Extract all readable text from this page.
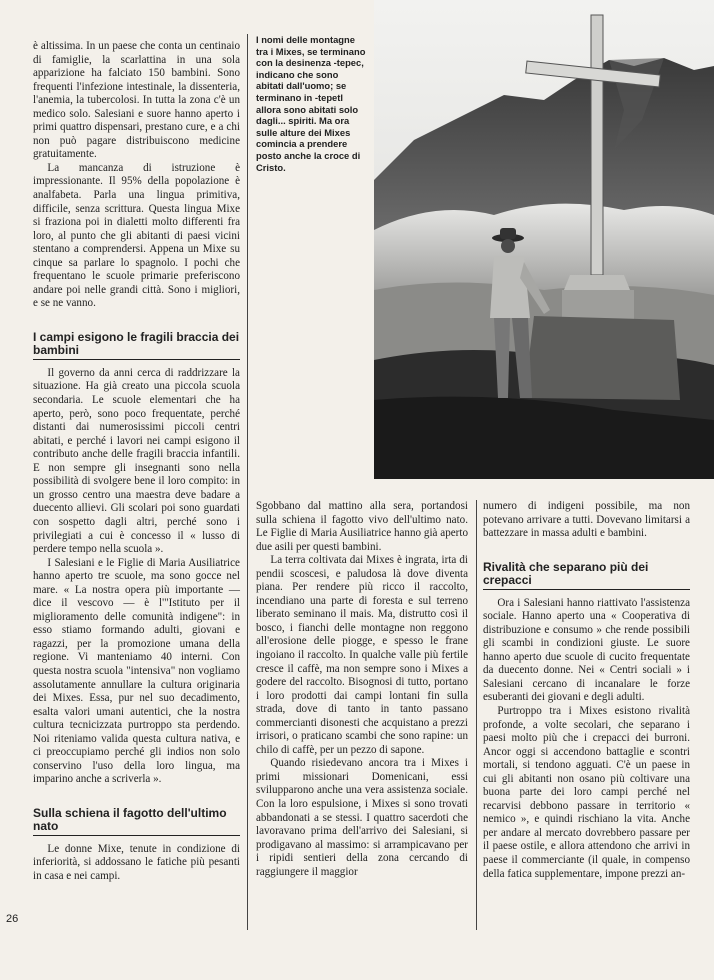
è altissima. In un paese che conta un centinaio di famiglie, la scarlattina in una sola apparizione ha falciato 150 bambini. Sono frequenti l'infezione intestinale, la dissenteria, l'anemia, la tubercolosi. In tutta la zona c'è un medico solo. Salesiani e suore hanno aperto i primi quattro dispensari, prestano cure, e a chi non può pagare distribuiscono medicine gratuitamente.

La mancanza di istruzione è impressionante. Il 95% della popolazione è analfabeta. Parla una lingua primitiva, difficile, senza scrittura. Questa lingua Mixe si fraziona poi in dialetti molto differenti fra loro, al punto che gli abitanti di paesi vicini stentano a comprendersi. Appena un Mixe su cinque sa parlare lo spagnolo. I pochi che frequentano le scuole primarie preferiscono andare poi nelle grandi città. Sono i migliori, e se ne vanno.

I campi esigono le fragili braccia dei bambini

Il governo da anni cerca di raddrizzare la situazione. Ha già creato una piccola scuola secondaria. Le scuole elementari che ha aperto, però, sono poco frequentate, perché distanti dai numerosissimi piccoli centri abitati, e perché i lavori nei campi esigono il contributo anche delle fragili braccia infantili. E non sempre gli insegnanti sono nella possibilità di svolgere bene il loro compito: in un grosso centro una maestra deve badare a duecento allievi. Gli scolari poi sono guardati con sospetto dagli altri, perché sono i privilegiati a cui è concesso il « lusso di perdere tempo nella scuola ».

I Salesiani e le Figlie di Maria Ausiliatrice hanno aperto tre scuole, ma sono gocce nel mare. « La nostra opera più importante — dice il vescovo — è l'"Istituto per il miglioramento delle comunità indigene": in esso stiamo formando adulti, giovani e ragazzi, per la promozione umana della regione. Vi manteniamo 40 interni. Con questa nostra scuola "intensiva" non vogliamo assolutamente annullare la cultura originaria dei Mixes. Essa, pur nel suo decadimento, esalta valori umani autentici, che la nostra cultura tecnicizzata purtroppo sta perdendo. Noi riteniamo valida questa cultura nativa, e ci preoccupiamo perché gli indios non solo conservino l'uso della loro lingua, ma imparino anche a scriverla ».

Sulla schiena il fagotto dell'ultimo nato

Le donne Mixe, tenute in condizione di inferiorità, si addossano le fatiche più pesanti in casa e nei campi.

I nomi delle montagne tra i Mixes, se terminano con la desinenza -tepec, indicano che sono abitati dall'uomo; se terminano in -tepetl allora sono abitati solo dagli... spiriti. Ma ora sulle alture dei Mixes comincia a prendere posto anche la croce di Cristo.

Sgobbano dal mattino alla sera, portandosi sulla schiena il fagotto vivo dell'ultimo nato. Le Figlie di Maria Ausiliatrice hanno già aperto due asili per questi bambini.

La terra coltivata dai Mixes è ingrata, irta di pendii scoscesi, e paludosa là dove diventa piana. Per rendere più ricco il raccolto, incendiano una parte di foresta e sul terreno liberato seminano il mais. Ma, distrutto così il bosco, i fianchi delle montagne non reggono all'erosione delle piogge, e spesso le frane ingoiano il raccolto. In qualche valle più fertile cresce il caffè, ma non sempre sono i Mixes a godere del raccolto. Bisognosi di tutto, portano i loro prodotti dai campi lontani fin sulla strada, dove di tanto in tanto passano commercianti disonesti che acquistano a prezzi irrisori, o praticano scambi che sono rapine: un chilo di caffè, per un pezzo di sapone.

Quando risiedevano ancora tra i Mixes i primi missionari Domenicani, essi svilupparono anche una vera assistenza sociale. Con la loro espulsione, i Mixes si sono trovati abbandonati a se stessi. I quattro sacerdoti che lavoravano prima dell'arrivo dei Salesiani, si prodigavano al massimo: si arrampicavano per i ripidi sentieri della zona cercando di raggiungere il maggior

numero di indigeni possibile, ma non potevano arrivare a tutti. Dovevano limitarsi a battezzare in massa adulti e bambini.

Rivalità che separano più dei crepacci

Ora i Salesiani hanno riattivato l'assistenza sociale. Hanno aperto una « Cooperativa di distribuzione e consumo » che rende possibili gli scambi in condizioni giuste. Le suore hanno aperto due scuole di cucito frequentate da duecento donne. Nei « Centri sociali » i Salesiani cercano di incanalare le forze esuberanti dei giovani e degli adulti.

Purtroppo tra i Mixes esistono rivalità profonde, a volte secolari, che separano i paesi molto più che i crepacci dei burroni. Ancor oggi si accendono battaglie e scontri mortali, si tendono agguati. C'è un paese in cui gli abitanti non osano più coltivare una buona parte dei loro campi perché nel recarvisi debbono passare in territorio « nemico », e quindi rischiano la vita. Anche per andare al mercato dovrebbero passare per il paese ostile, e allora attendono che arrivi in paese il commerciante (il quale, in compenso della fatica supplementare, impone prezzi an-

26
